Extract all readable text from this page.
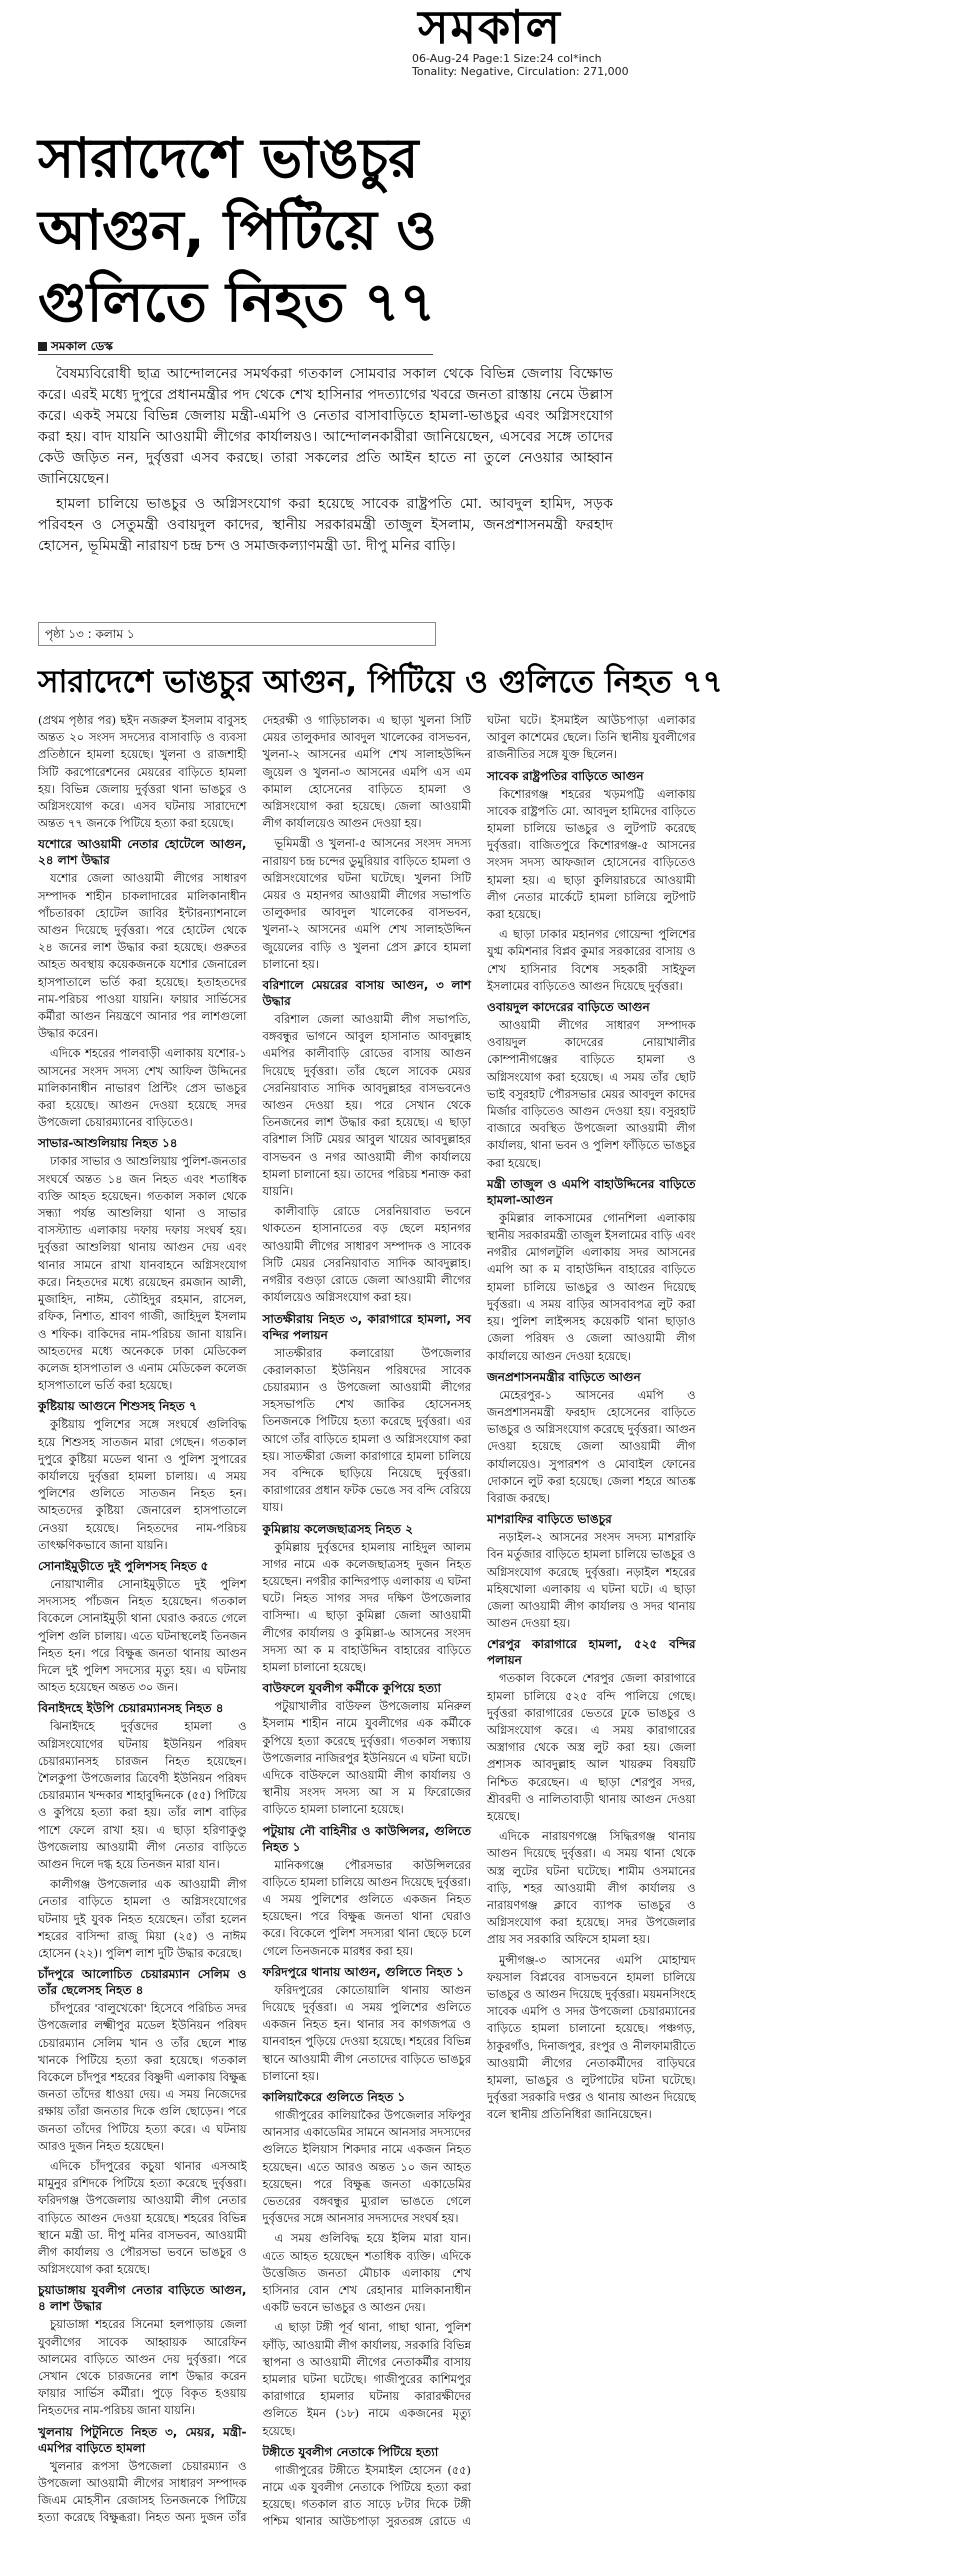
সমকাল
06-Aug-24 Page:1 Size:24 col*inch
Tonality: Negative, Circulation: 271,000
সারাদেশে ভাঙচুর আগুন, পিটিয়ে ও গুলিতে নিহত ৭৭
সমকাল ডেস্ক

বৈষম্যবিরোধী ছাত্র আন্দোলনের সমর্থকরা গতকাল সোমবার সকাল থেকে বিভিন্ন জেলায় বিক্ষোভ করে। এরই মধ্যে দুপুরে প্রধানমন্ত্রীর পদ থেকে শেখ হাসিনার পদত্যাগের খবরে জনতা রাস্তায় নেমে উল্লাস করে। একই সময়ে বিভিন্ন জেলায় মন্ত্রী-এমপি ও নেতার বাসাবাড়িতে হামলা-ভাঙচুর এবং অগ্নিসংযোগ করা হয়। বাদ যায়নি আওয়ামী লীগের কার্যালয়ও। আন্দোলনকারীরা জানিয়েছেন, এসবের সঙ্গে তাদের কেউ জড়িত নন, দুর্বৃত্তরা এসব করছে। তারা সকলের প্রতি আইন হাতে না তুলে নেওয়ার আহ্বান জানিয়েছেন।

হামলা চালিয়ে ভাঙচুর ও অগ্নিসংযোগ করা হয়েছে সাবেক রাষ্ট্রপতি মো. আবদুল হামিদ, সড়ক পরিবহন ও সেতুমন্ত্রী ওবায়দুল কাদের, স্থানীয় সরকারমন্ত্রী তাজুল ইসলাম, জনপ্রশাসনমন্ত্রী ফরহাদ হোসেন, ভূমিমন্ত্রী নারায়ণ চন্দ্র চন্দ ও সমাজকল্যাণমন্ত্রী ডা. দীপু মনির বাড়ি।

পৃষ্ঠা ১৩ : কলাম ১
সারাদেশে ভাঙচুর আগুন, পিটিয়ে ও গুলিতে নিহত ৭৭

(প্রথম পৃষ্ঠার পর) ছইদ নজরুল ইসলাম বাবুসহ অন্তত ২০ সংসদ সদস্যের বাসাবাড়ি ও ব্যবসা প্রতিষ্ঠানে হামলা হয়েছে। খুলনা ও রাজশাহী সিটি করপোরেশনের মেয়রের বাড়িতে হামলা হয়। বিভিন্ন জেলায় দুর্বৃত্তরা থানা ভাঙচুর ও অগ্নিসংযোগ করে। এসব ঘটনায় সারাদেশে অন্তত ৭৭ জনকে পিটিয়ে হত্যা করা হয়েছে।

যশোরে আওয়ামী নেতার হোটেলে আগুন, ২৪ লাশ উদ্ধার

যশোর জেলা আওয়ামী লীগের সাধারণ সম্পাদক শাহীন চাকলাদারের মালিকানাধীন পাঁচতারকা হোটেল জাবির ইন্টারন্যাশনালে আগুন দিয়েছে দুর্বৃত্তরা। পরে হোটেল থেকে ২৪ জনের লাশ উদ্ধার করা হয়েছে। গুরুতর আহত অবস্থায় কয়েকজনকে যশোর জেনারেল হাসপাতালে ভর্তি করা হয়েছে। হতাহতদের নাম-পরিচয় পাওয়া যায়নি। ফায়ার সার্ভিসের কর্মীরা আগুন নিয়ন্ত্রণে আনার পর লাশগুলো উদ্ধার করেন।

এদিকে শহরের পালবাড়ী এলাকায় যশোর-১ আসনের সংসদ সদস্য শেখ আফিল উদ্দিনের মালিকানাধীন নাভারণ প্রিন্টিং প্রেস ভাঙচুর করা হয়েছে। আগুন দেওয়া হয়েছে সদর উপজেলা চেয়ারম্যানের বাড়িতেও।

সাভার-আশুলিয়ায় নিহত ১৪

ঢাকার সাভার ও আশুলিয়ায় পুলিশ-জনতার সংঘর্ষে অন্তত ১৪ জন নিহত এবং শতাধিক ব্যক্তি আহত হয়েছেন। গতকাল সকাল থেকে সন্ধ্যা পর্যন্ত আশুলিয়া থানা ও সাভার বাসস্ট্যান্ড এলাকায় দফায় দফায় সংঘর্ষ হয়। দুর্বৃত্তরা আশুলিয়া থানায় আগুন দেয় এবং থানার সামনে রাখা যানবাহনে অগ্নিসংযোগ করে। নিহতদের মধ্যে রয়েছেন রমজান আলী, মুজাহিদ, নাঈম, তৌহিদুর রহমান, রাসেল, রফিক, নিশাত, শ্রাবণ গাজী, জাহিদুল ইসলাম ও শফিক। বাকিদের নাম-পরিচয় জানা যায়নি। আহতদের মধ্যে অনেককে ঢাকা মেডিকেল কলেজ হাসপাতাল ও এনাম মেডিকেল কলেজ হাসপাতালে ভর্তি করা হয়েছে।

কুষ্টিয়ায় আগুনে শিশুসহ নিহত ৭

কুষ্টিয়ায় পুলিশের সঙ্গে সংঘর্ষে গুলিবিদ্ধ হয়ে শিশুসহ সাতজন মারা গেছেন। গতকাল দুপুরে কুষ্টিয়া মডেল থানা ও পুলিশ সুপারের কার্যালয়ে দুর্বৃত্তরা হামলা চালায়। এ সময় পুলিশের গুলিতে সাতজন নিহত হন। আহতদের কুষ্টিয়া জেনারেল হাসপাতালে নেওয়া হয়েছে। নিহতদের নাম-পরিচয় তাৎক্ষণিকভাবে জানা যায়নি।

সোনাইমুড়ীতে দুই পুলিশসহ নিহত ৫

নোয়াখালীর সোনাইমুড়ীতে দুই পুলিশ সদস্যসহ পাঁচজন নিহত হয়েছেন। গতকাল বিকেলে সোনাইমুড়ী থানা ঘেরাও করতে গেলে পুলিশ গুলি চালায়। এতে ঘটনাস্থলেই তিনজন নিহত হন। পরে বিক্ষুব্ধ জনতা থানায় আগুন দিলে দুই পুলিশ সদস্যের মৃত্যু হয়। এ ঘটনায় আহত হয়েছেন অন্তত ৩০ জন।

বিনাইদহে ইউপি চেয়ারম্যানসহ নিহত ৪

ঝিনাইদহে দুর্বৃত্তদের হামলা ও অগ্নিসংযোগের ঘটনায় ইউনিয়ন পরিষদ চেয়ারম্যানসহ চারজন নিহত হয়েছেন। শৈলকুপা উপজেলার ত্রিবেণী ইউনিয়ন পরিষদ চেয়ারম্যান খন্দকার শাহাবুদ্দিনকে (৫৫) পিটিয়ে ও কুপিয়ে হত্যা করা হয়। তাঁর লাশ বাড়ির পাশে ফেলে রাখা হয়। এ ছাড়া হরিণাকুণ্ডু উপজেলায় আওয়ামী লীগ নেতার বাড়িতে আগুন দিলে দগ্ধ হয়ে তিনজন মারা যান।

কালীগঞ্জ উপজেলার এক আওয়ামী লীগ নেতার বাড়িতে হামলা ও অগ্নিসংযোগের ঘটনায় দুই যুবক নিহত হয়েছেন। তাঁরা হলেন শহরের বাসিন্দা রাজু মিয়া (২৫) ও নাঈম হোসেন (২২)। পুলিশ লাশ দুটি উদ্ধার করেছে।

চাঁদপুরে আলোচিত চেয়ারম্যান সেলিম ও তাঁর ছেলেসহ নিহত ৪

চাঁদপুরের 'বালুখেকো' হিসেবে পরিচিত সদর উপজেলার লক্ষ্মীপুর মডেল ইউনিয়ন পরিষদ চেয়ারম্যান সেলিম খান ও তাঁর ছেলে শান্ত খানকে পিটিয়ে হত্যা করা হয়েছে। গতকাল বিকেলে চাঁদপুর শহরের বিষ্ণুদী এলাকায় বিক্ষুব্ধ জনতা তাঁদের ধাওয়া দেয়। এ সময় নিজেদের রক্ষায় তাঁরা জনতার দিকে গুলি ছোড়েন। পরে জনতা তাঁদের পিটিয়ে হত্যা করে। এ ঘটনায় আরও দুজন নিহত হয়েছেন।

এদিকে চাঁদপুরের কচুয়া থানার এসআই মামুনুর রশিদকে পিটিয়ে হত্যা করেছে দুর্বৃত্তরা। ফরিদগঞ্জ উপজেলায় আওয়ামী লীগ নেতার বাড়িতে আগুন দেওয়া হয়েছে। শহরের বিভিন্ন স্থানে মন্ত্রী ডা. দীপু মনির বাসভবন, আওয়ামী লীগ কার্যালয় ও পৌরসভা ভবনে ভাঙচুর ও অগ্নিসংযোগ করা হয়েছে।

চুয়াডাঙ্গায় যুবলীগ নেতার বাড়িতে আগুন, ৪ লাশ উদ্ধার

চুয়াডাঙ্গা শহরের সিনেমা হলপাড়ায় জেলা যুবলীগের সাবেক আহ্বায়ক আরেফিন আলমের বাড়িতে আগুন দেয় দুর্বৃত্তরা। পরে সেখান থেকে চারজনের লাশ উদ্ধার করেন ফায়ার সার্ভিস কর্মীরা। পুড়ে বিকৃত হওয়ায় নিহতদের নাম-পরিচয় জানা যায়নি।

খুলনায় পিটুনিতে নিহত ৩, মেয়র, মন্ত্রী-এমপির বাড়িতে হামলা

খুলনার রূপসা উপজেলা চেয়ারম্যান ও উপজেলা আওয়ামী লীগের সাধারণ সম্পাদক জিএম মোহসীন রেজাসহ তিনজনকে পিটিয়ে হত্যা করেছে বিক্ষুব্ধরা। নিহত অন্য দুজন তাঁর দেহরক্ষী ও গাড়িচালক। এ ছাড়া খুলনা সিটি মেয়র তালুকদার আবদুল খালেকের বাসভবন, খুলনা-২ আসনের এমপি শেখ সালাহউদ্দিন জুয়েল ও খুলনা-৩ আসনের এমপি এস এম কামাল হোসেনের বাড়িতে হামলা ও অগ্নিসংযোগ করা হয়েছে। জেলা আওয়ামী লীগ কার্যালয়েও আগুন দেওয়া হয়।

ভূমিমন্ত্রী ও খুলনা-৫ আসনের সংসদ সদস্য নারায়ণ চন্দ্র চন্দের ডুমুরিয়ার বাড়িতে হামলা ও অগ্নিসংযোগের ঘটনা ঘটেছে। খুলনা সিটি মেয়র ও মহানগর আওয়ামী লীগের সভাপতি তালুকদার আবদুল খালেকের বাসভবন, খুলনা-২ আসনের এমপি শেখ সালাহউদ্দিন জুয়েলের বাড়ি ও খুলনা প্রেস ক্লাবে হামলা চালানো হয়।

বরিশালে মেয়রের বাসায় আগুন, ৩ লাশ উদ্ধার

বরিশাল জেলা আওয়ামী লীগ সভাপতি, বঙ্গবন্ধুর ভাগনে আবুল হাসানাত আবদুল্লাহ এমপির কালীবাড়ি রোডের বাসায় আগুন দিয়েছে দুর্বৃত্তরা। তাঁর ছেলে সাবেক মেয়র সেরনিয়াবাত সাদিক আবদুল্লাহর বাসভবনেও আগুন দেওয়া হয়। পরে সেখান থেকে তিনজনের লাশ উদ্ধার করা হয়েছে। এ ছাড়া বরিশাল সিটি মেয়র আবুল খায়ের আবদুল্লাহর বাসভবন ও নগর আওয়ামী লীগ কার্যালয়ে হামলা চালানো হয়। তাদের পরিচয় শনাক্ত করা যায়নি।

কালীবাড়ি রোডে সেরনিয়াবাত ভবনে থাকতেন হাসানাতের বড় ছেলে মহানগর আওয়ামী লীগের সাধারণ সম্পাদক ও সাবেক সিটি মেয়র সেরনিয়াবাত সাদিক আবদুল্লাহ। নগরীর বগুড়া রোডে জেলা আওয়ামী লীগের কার্যালয়েও অগ্নিসংযোগ করা হয়।

সাতক্ষীরায় নিহত ৩, কারাগারে হামলা, সব বন্দির পলায়ন

সাতক্ষীরার কলারোয়া উপজেলার কেরালকাতা ইউনিয়ন পরিষদের সাবেক চেয়ারম্যান ও উপজেলা আওয়ামী লীগের সহসভাপতি শেখ জাকির হোসেনসহ তিনজনকে পিটিয়ে হত্যা করেছে দুর্বৃত্তরা। এর আগে তাঁর বাড়িতে হামলা ও অগ্নিসংযোগ করা হয়। সাতক্ষীরা জেলা কারাগারে হামলা চালিয়ে সব বন্দিকে ছাড়িয়ে নিয়েছে দুর্বৃত্তরা। কারাগারের প্রধান ফটক ভেঙে সব বন্দি বেরিয়ে যায়।

কুমিল্লায় কলেজছাত্রসহ নিহত ২

কুমিল্লায় দুর্বৃত্তদের হামলায় নাহিদুল আলম সাগর নামে এক কলেজছাত্রসহ দুজন নিহত হয়েছেন। নগরীর কান্দিরপাড় এলাকায় এ ঘটনা ঘটে। নিহত সাগর সদর দক্ষিণ উপজেলার বাসিন্দা। এ ছাড়া কুমিল্লা জেলা আওয়ামী লীগের কার্যালয় ও কুমিল্লা-৬ আসনের সংসদ সদস্য আ ক ম বাহাউদ্দিন বাহারের বাড়িতে হামলা চালানো হয়েছে।

বাউফলে যুবলীগ কর্মীকে কুপিয়ে হত্যা

পটুয়াখালীর বাউফল উপজেলায় মনিরুল ইসলাম শাহীন নামে যুবলীগের এক কর্মীকে কুপিয়ে হত্যা করেছে দুর্বৃত্তরা। গতকাল সন্ধ্যায় উপজেলার নাজিরপুর ইউনিয়নে এ ঘটনা ঘটে। এদিকে বাউফলে আওয়ামী লীগ কার্যালয় ও স্থানীয় সংসদ সদস্য আ স ম ফিরোজের বাড়িতে হামলা চালানো হয়েছে।

পটুয়ায় নৌ বাহিনীর ও কাউন্সিলর, গুলিতে নিহত ১

মানিকগঞ্জে পৌরসভার কাউন্সিলরের বাড়িতে হামলা চালিয়ে আগুন দিয়েছে দুর্বৃত্তরা। এ সময় পুলিশের গুলিতে একজন নিহত হয়েছেন। পরে বিক্ষুব্ধ জনতা থানা ঘেরাও করে। বিকেলে পুলিশ সদস্যরা থানা ছেড়ে চলে গেলে তিনজনকে মারধর করা হয়।

ফরিদপুরে থানায় আগুন, গুলিতে নিহত ১

ফরিদপুরের কোতোয়ালি থানায় আগুন দিয়েছে দুর্বৃত্তরা। এ সময় পুলিশের গুলিতে একজন নিহত হন। থানার সব কাগজপত্র ও যানবাহন পুড়িয়ে দেওয়া হয়েছে। শহরের বিভিন্ন স্থানে আওয়ামী লীগ নেতাদের বাড়িতে ভাঙচুর চালানো হয়।

কালিয়াকৈরে গুলিতে নিহত ১

গাজীপুরের কালিয়াকৈর উপজেলার সফিপুর আনসার একাডেমির সামনে আনসার সদস্যদের গুলিতে ইলিয়াস শিকদার নামে একজন নিহত হয়েছেন। এতে আরও অন্তত ১০ জন আহত হয়েছেন। পরে বিক্ষুব্ধ জনতা একাডেমির ভেতরের বঙ্গবন্ধুর ম্যুরাল ভাঙতে গেলে দুর্বৃত্তদের সঙ্গে আনসার সদস্যদের সংঘর্ষ হয়।

এ সময় গুলিবিদ্ধ হয়ে ইলিম মারা যান। এতে আহত হয়েছেন শতাধিক ব্যক্তি। এদিকে উত্তেজিত জনতা মৌচাক এলাকায় শেখ হাসিনার বোন শেখ রেহানার মালিকানাধীন একটি ভবনে ভাঙচুর ও আগুন দেয়।

এ ছাড়া টঙ্গী পূর্ব থানা, গাছা থানা, পুলিশ ফাঁড়ি, আওয়ামী লীগ কার্যালয়, সরকারি বিভিন্ন স্থাপনা ও আওয়ামী লীগের নেতাকর্মীর বাসায় হামলার ঘটনা ঘটেছে। গাজীপুরের কাশিমপুর কারাগারে হামলার ঘটনায় কারারক্ষীদের গুলিতে ইমন (১৮) নামে একজনের মৃত্যু হয়েছে।

টঙ্গীতে যুবলীগ নেতাকে পিটিয়ে হত্যা

গাজীপুরের টঙ্গীতে ইসমাইল হোসেন (৫৫) নামে এক যুবলীগ নেতাকে পিটিয়ে হত্যা করা হয়েছে। গতকাল রাত সাড়ে ৮টার দিকে টঙ্গী পশ্চিম থানার আউচপাড়া সুরতরঙ্গ রোডে এ ঘটনা ঘটে। ইসমাইল আউচপাড়া এলাকার আবুল কাশেমের ছেলে। তিনি স্থানীয় যুবলীগের রাজনীতির সঙ্গে যুক্ত ছিলেন।

সাবেক রাষ্ট্রপতির বাড়িতে আগুন

কিশোরগঞ্জ শহরের খড়মপট্টি এলাকায় সাবেক রাষ্ট্রপতি মো. আবদুল হামিদের বাড়িতে হামলা চালিয়ে ভাঙচুর ও লুটপাট করেছে দুর্বৃত্তরা। বাজিতপুরে কিশোরগঞ্জ-৫ আসনের সংসদ সদস্য আফজাল হোসেনের বাড়িতেও হামলা হয়। এ ছাড়া কুলিয়ারচরে আওয়ামী লীগ নেতার মার্কেটে হামলা চালিয়ে লুটপাট করা হয়েছে।

এ ছাড়া ঢাকার মহানগর গোয়েন্দা পুলিশের যুগ্ম কমিশনার বিপ্লব কুমার সরকারের বাসায় ও শেখ হাসিনার বিশেষ সহকারী সাইফুল ইসলামের বাড়িতেও আগুন দিয়েছে দুর্বৃত্তরা।

ওবায়দুল কাদেরের বাড়িতে আগুন

আওয়ামী লীগের সাধারণ সম্পাদক ওবায়দুল কাদেরের নোয়াখালীর কোম্পানীগঞ্জের বাড়িতে হামলা ও অগ্নিসংযোগ করা হয়েছে। এ সময় তাঁর ছোট ভাই বসুরহাট পৌরসভার মেয়র আবদুল কাদের মির্জার বাড়িতেও আগুন দেওয়া হয়। বসুরহাট বাজারে অবস্থিত উপজেলা আওয়ামী লীগ কার্যালয়, থানা ভবন ও পুলিশ ফাঁড়িতে ভাঙচুর করা হয়েছে।

মন্ত্রী তাজুল ও এমপি বাহাউদ্দিনের বাড়িতে হামলা-আগুন

কুমিল্লার লাকসামের গোনশিলা এলাকায় স্থানীয় সরকারমন্ত্রী তাজুল ইসলামের বাড়ি এবং নগরীর মোগলটুলি এলাকায় সদর আসনের এমপি আ ক ম বাহাউদ্দিন বাহারের বাড়িতে হামলা চালিয়ে ভাঙচুর ও আগুন দিয়েছে দুর্বৃত্তরা। এ সময় বাড়ির আসবাবপত্র লুট করা হয়। পুলিশ লাইন্সসহ কয়েকটি থানা ছাড়াও জেলা পরিষদ ও জেলা আওয়ামী লীগ কার্যালয়ে আগুন দেওয়া হয়েছে।

জনপ্রশাসনমন্ত্রীর বাড়িতে আগুন

মেহেরপুর-১ আসনের এমপি ও জনপ্রশাসনমন্ত্রী ফরহাদ হোসেনের বাড়িতে ভাঙচুর ও অগ্নিসংযোগ করেছে দুর্বৃত্তরা। আগুন দেওয়া হয়েছে জেলা আওয়ামী লীগ কার্যালয়েও। সুপারশপ ও মোবাইল ফোনের দোকানে লুট করা হয়েছে। জেলা শহরে আতঙ্ক বিরাজ করছে।

মাশরাফির বাড়িতে ভাঙচুর

নড়াইল-২ আসনের সংসদ সদস্য মাশরাফি বিন মর্তুজার বাড়িতে হামলা চালিয়ে ভাঙচুর ও অগ্নিসংযোগ করেছে দুর্বৃত্তরা। নড়াইল শহরের মহিষখোলা এলাকায় এ ঘটনা ঘটে। এ ছাড়া জেলা আওয়ামী লীগ কার্যালয় ও সদর থানায় আগুন দেওয়া হয়।

শেরপুর কারাগারে হামলা, ৫২৫ বন্দির পলায়ন

গতকাল বিকেলে শেরপুর জেলা কারাগারে হামলা চালিয়ে ৫২৫ বন্দি পালিয়ে গেছে। দুর্বৃত্তরা কারাগারের ভেতরে ঢুকে ভাঙচুর ও অগ্নিসংযোগ করে। এ সময় কারাগারের অস্ত্রাগার থেকে অস্ত্র লুট করা হয়। জেলা প্রশাসক আবদুল্লাহ আল খায়রুম বিষয়টি নিশ্চিত করেছেন। এ ছাড়া শেরপুর সদর, শ্রীবরদী ও নালিতাবাড়ী থানায় আগুন দেওয়া হয়েছে।

এদিকে নারায়ণগঞ্জে সিদ্ধিরগঞ্জ থানায় আগুন দিয়েছে দুর্বৃত্তরা। এ সময় থানা থেকে অস্ত্র লুটের ঘটনা ঘটেছে। শামীম ওসমানের বাড়ি, শহর আওয়ামী লীগ কার্যালয় ও নারায়ণগঞ্জ ক্লাবে ব্যাপক ভাঙচুর ও অগ্নিসংযোগ করা হয়েছে। সদর উপজেলার প্রায় সব সরকারি অফিসে হামলা হয়।

মুন্সীগঞ্জ-৩ আসনের এমপি মোহাম্মদ ফয়সাল বিপ্লবের বাসভবনে হামলা চালিয়ে ভাঙচুর ও আগুন দিয়েছে দুর্বৃত্তরা। ময়মনসিংহে সাবেক এমপি ও সদর উপজেলা চেয়ারম্যানের বাড়িতে হামলা চালানো হয়েছে। পঞ্চগড়, ঠাকুরগাঁও, দিনাজপুর, রংপুর ও নীলফামারীতে আওয়ামী লীগের নেতাকর্মীদের বাড়িঘরে হামলা, ভাঙচুর ও লুটপাটের ঘটনা ঘটেছে। দুর্বৃত্তরা সরকারি দপ্তর ও থানায় আগুন দিয়েছে বলে স্থানীয় প্রতিনিধিরা জানিয়েছেন।
